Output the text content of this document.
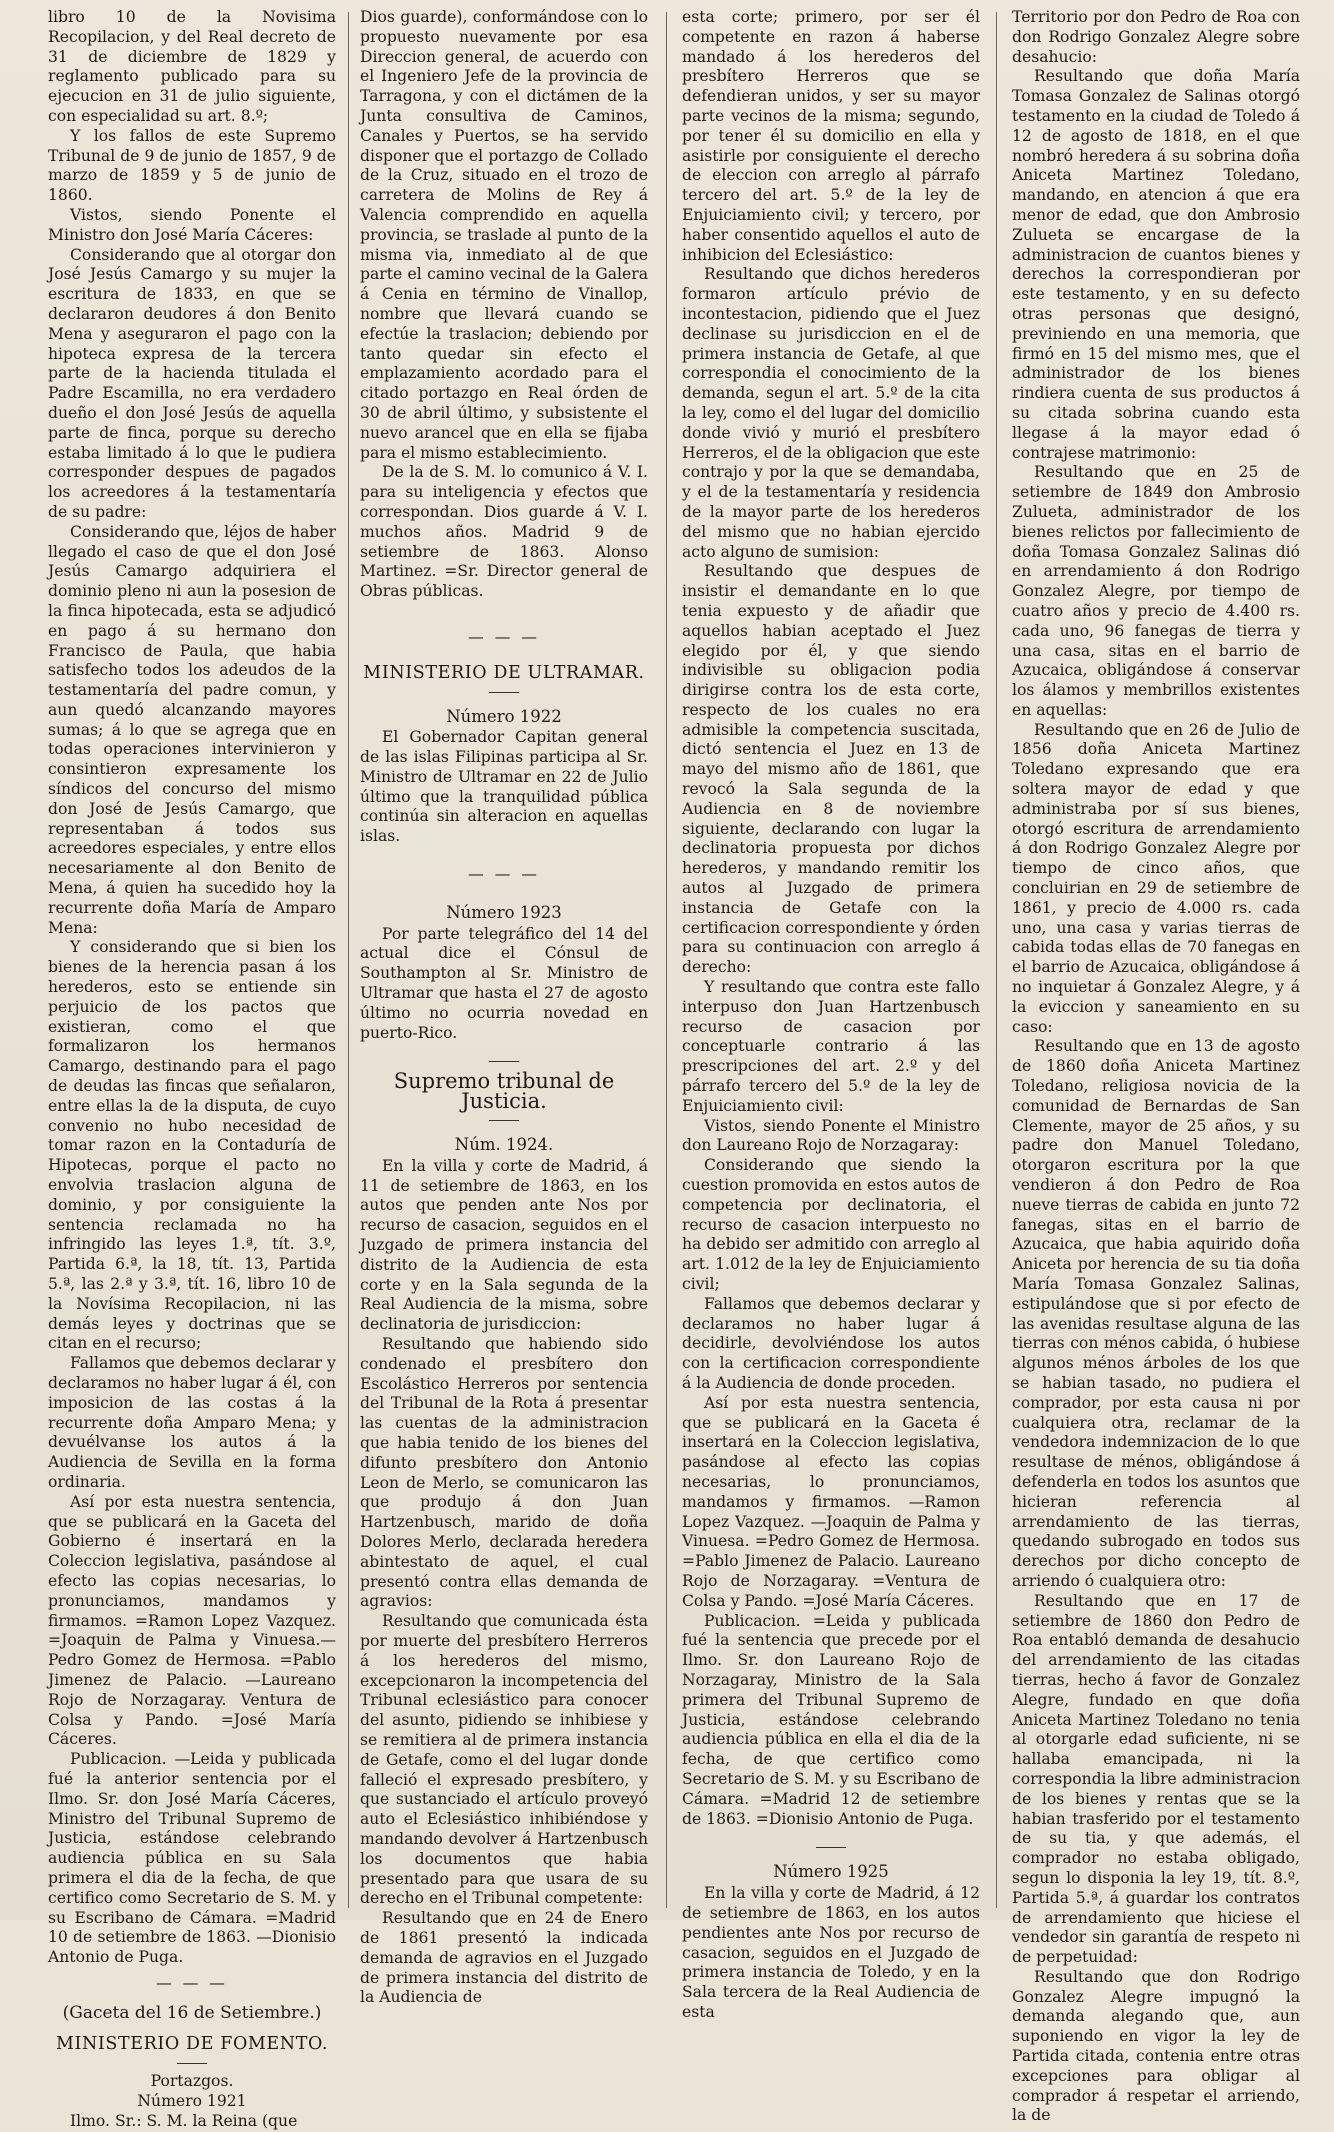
libro 10 de la Novisima Recopilacion, y del Real decreto de 31 de diciembre de 1829 y reglamento publicado para su ejecucion en 31 de julio siguiente, con especialidad su art. 8.º;

Y los fallos de este Supremo Tribunal de 9 de junio de 1857, 9 de marzo de 1859 y 5 de junio de 1860.

Vistos, siendo Ponente el Ministro don José María Cáceres:

Considerando que al otorgar don José Jesús Camargo y su mujer la escritura de 1833, en que se declararon deudores á don Benito Mena y aseguraron el pago con la hipoteca expresa de la tercera parte de la hacienda titulada el Padre Escamilla, no era verdadero dueño el don José Jesús de aquella parte de finca, porque su derecho estaba limitado á lo que le pudiera corresponder despues de pagados los acreedores á la testamentaría de su padre:

Considerando que, léjos de haber llegado el caso de que el don José Jesús Camargo adquiriera el dominio pleno ni aun la posesion de la finca hipotecada, esta se adjudicó en pago á su hermano don Francisco de Paula, que habia satisfecho todos los adeudos de la testamentaría del padre comun, y aun quedó alcanzando mayores sumas; á lo que se agrega que en todas operaciones intervinieron y consintieron expresamente los síndicos del concurso del mismo don José de Jesús Camargo, que representaban á todos sus acreedores especiales, y entre ellos necesariamente al don Benito de Mena, á quien ha sucedido hoy la recurrente doña María de Amparo Mena:

Y considerando que si bien los bienes de la herencia pasan á los herederos, esto se entiende sin perjuicio de los pactos que existieran, como el que formalizaron los hermanos Camargo, destinando para el pago de deudas las fincas que señalaron, entre ellas la de la disputa, de cuyo convenio no hubo necesidad de tomar razon en la Contaduría de Hipotecas, porque el pacto no envolvia traslacion alguna de dominio, y por consiguiente la sentencia reclamada no ha infringido las leyes 1.ª, tít. 3.º, Partida 6.ª, la 18, tít. 13, Partida 5.ª, las 2.ª y 3.ª, tít. 16, libro 10 de la Novísima Recopilacion, ni las demás leyes y doctrinas que se citan en el recurso;

Fallamos que debemos declarar y declaramos no haber lugar á él, con imposicion de las costas á la recurrente doña Amparo Mena; y devuélvanse los autos á la Audiencia de Sevilla en la forma ordinaria.

Así por esta nuestra sentencia, que se publicará en la Gaceta del Gobierno é insertará en la Coleccion legislativa, pasándose al efecto las copias necesarias, lo pronunciamos, mandamos y firmamos. =Ramon Lopez Vazquez. =Joaquin de Palma y Vinuesa.—Pedro Gomez de Hermosa. =Pablo Jimenez de Palacio. —Laureano Rojo de Norzagaray. Ventura de Colsa y Pando. =José María Cáceres.

Publicacion. —Leida y publicada fué la anterior sentencia por el Ilmo. Sr. don José María Cáceres, Ministro del Tribunal Supremo de Justicia, estándose celebrando audiencia pública en su Sala primera el dia de la fecha, de que certifico como Secretario de S. M. y su Escribano de Cámara. =Madrid 10 de setiembre de 1863. —Dionisio Antonio de Puga.

— — —

(Gaceta del 16 de Setiembre.)

MINISTERIO DE FOMENTO.

Portazgos.

Número 1921

Ilmo. Sr.: S. M. la Reina (que

Dios guarde), conformándose con lo propuesto nuevamente por esa Direccion general, de acuerdo con el Ingeniero Jefe de la provincia de Tarragona, y con el dictámen de la Junta consultiva de Caminos, Canales y Puertos, se ha servido disponer que el portazgo de Collado de la Cruz, situado en el trozo de carretera de Molins de Rey á Valencia comprendido en aquella provincia, se traslade al punto de la misma via, inmediato al de que parte el camino vecinal de la Galera á Cenia en término de Vinallop, nombre que llevará cuando se efectúe la traslacion; debiendo por tanto quedar sin efecto el emplazamiento acordado para el citado portazgo en Real órden de 30 de abril último, y subsistente el nuevo arancel que en ella se fijaba para el mismo establecimiento.

De la de S. M. lo comunico á V. I. para su inteligencia y efectos que correspondan. Dios guarde á V. I. muchos años. Madrid 9 de setiembre de 1863. Alonso Martinez. =Sr. Director general de Obras públicas.

— — —

MINISTERIO DE ULTRAMAR.

Número 1922

El Gobernador Capitan general de las islas Filipinas participa al Sr. Ministro de Ultramar en 22 de Julio último que la tranquilidad pública continúa sin alteracion en aquellas islas.

— — —

Número 1923

Por parte telegráfico del 14 del actual dice el Cónsul de Southampton al Sr. Ministro de Ultramar que hasta el 27 de agosto último no ocurria novedad en puerto-Rico.

Supremo tribunal de Justicia.

Núm. 1924.

En la villa y corte de Madrid, á 11 de setiembre de 1863, en los autos que penden ante Nos por recurso de casacion, seguidos en el Juzgado de primera instancia del distrito de la Audiencia de esta corte y en la Sala segunda de la Real Audiencia de la misma, sobre declinatoria de jurisdiccion:

Resultando que habiendo sido condenado el presbítero don Escolástico Herreros por sentencia del Tribunal de la Rota á presentar las cuentas de la administracion que habia tenido de los bienes del difunto presbítero don Antonio Leon de Merlo, se comunicaron las que produjo á don Juan Hartzenbusch, marido de doña Dolores Merlo, declarada heredera abintestato de aquel, el cual presentó contra ellas demanda de agravios:

Resultando que comunicada ésta por muerte del presbítero Herreros á los herederos del mismo, excepcionaron la incompetencia del Tribunal eclesiástico para conocer del asunto, pidiendo se inhibiese y se remitiera al de primera instancia de Getafe, como el del lugar donde falleció el expresado presbítero, y que sustanciado el artículo proveyó auto el Eclesiástico inhibiéndose y mandando devolver á Hartzenbusch los documentos que habia presentado para que usara de su derecho en el Tribunal competente:

Resultando que en 24 de Enero de 1861 presentó la indicada demanda de agravios en el Juzgado de primera instancia del distrito de la Audiencia de

esta corte; primero, por ser él competente en razon á haberse mandado á los herederos del presbítero Herreros que se defendieran unidos, y ser su mayor parte vecinos de la misma; segundo, por tener él su domicilio en ella y asistirle por consiguiente el derecho de eleccion con arreglo al párrafo tercero del art. 5.º de la ley de Enjuiciamiento civil; y tercero, por haber consentido aquellos el auto de inhibicion del Eclesiástico:

Resultando que dichos herederos formaron artículo prévio de incontestacion, pidiendo que el Juez declinase su jurisdiccion en el de primera instancia de Getafe, al que correspondia el conocimiento de la demanda, segun el art. 5.º de la cita la ley, como el del lugar del domicilio donde vivió y murió el presbítero Herreros, el de la obligacion que este contrajo y por la que se demandaba, y el de la testamentaría y residencia de la mayor parte de los herederos del mismo que no habian ejercido acto alguno de sumision:

Resultando que despues de insistir el demandante en lo que tenia expuesto y de añadir que aquellos habian aceptado el Juez elegido por él, y que siendo indivisible su obligacion podia dirigirse contra los de esta corte, respecto de los cuales no era admisible la competencia suscitada, dictó sentencia el Juez en 13 de mayo del mismo año de 1861, que revocó la Sala segunda de la Audiencia en 8 de noviembre siguiente, declarando con lugar la declinatoria propuesta por dichos herederos, y mandando remitir los autos al Juzgado de primera instancia de Getafe con la certificacion correspondiente y órden para su continuacion con arreglo á derecho:

Y resultando que contra este fallo interpuso don Juan Hartzenbusch recurso de casacion por conceptuarle contrario á las prescripciones del art. 2.º y del párrafo tercero del 5.º de la ley de Enjuiciamiento civil:

Vistos, siendo Ponente el Ministro don Laureano Rojo de Norzagaray:

Considerando que siendo la cuestion promovida en estos autos de competencia por declinatoria, el recurso de casacion interpuesto no ha debido ser admitido con arreglo al art. 1.012 de la ley de Enjuiciamiento civil;

Fallamos que debemos declarar y declaramos no haber lugar á decidirle, devolviéndose los autos con la certificacion correspondiente á la Audiencia de donde proceden.

Así por esta nuestra sentencia, que se publicará en la Gaceta é insertará en la Coleccion legislativa, pasándose al efecto las copias necesarias, lo pronunciamos, mandamos y firmamos. —Ramon Lopez Vazquez. —Joaquin de Palma y Vinuesa. =Pedro Gomez de Hermosa. =Pablo Jimenez de Palacio. Laureano Rojo de Norzagaray. =Ventura de Colsa y Pando. =José María Cáceres.

Publicacion. =Leida y publicada fué la sentencia que precede por el Ilmo. Sr. don Laureano Rojo de Norzagaray, Ministro de la Sala primera del Tribunal Supremo de Justicia, estándose celebrando audiencia pública en ella el dia de la fecha, de que certifico como Secretario de S. M. y su Escribano de Cámara. =Madrid 12 de setiembre de 1863. =Dionisio Antonio de Puga.

Número 1925

En la villa y corte de Madrid, á 12 de setiembre de 1863, en los autos pendientes ante Nos por recurso de casacion, seguidos en el Juzgado de primera instancia de Toledo, y en la Sala tercera de la Real Audiencia de esta

Territorio por don Pedro de Roa con don Rodrigo Gonzalez Alegre sobre desahucio:

Resultando que doña María Tomasa Gonzalez de Salinas otorgó testamento en la ciudad de Toledo á 12 de agosto de 1818, en el que nombró heredera á su sobrina doña Aniceta Martinez Toledano, mandando, en atencion á que era menor de edad, que don Ambrosio Zulueta se encargase de la administracion de cuantos bienes y derechos la correspondieran por este testamento, y en su defecto otras personas que designó, previniendo en una memoria, que firmó en 15 del mismo mes, que el administrador de los bienes rindiera cuenta de sus productos á su citada sobrina cuando esta llegase á la mayor edad ó contrajese matrimonio:

Resultando que en 25 de setiembre de 1849 don Ambrosio Zulueta, administrador de los bienes relictos por fallecimiento de doña Tomasa Gonzalez Salinas dió en arrendamiento á don Rodrigo Gonzalez Alegre, por tiempo de cuatro años y precio de 4.400 rs. cada uno, 96 fanegas de tierra y una casa, sitas en el barrio de Azucaica, obligándose á conservar los álamos y membrillos existentes en aquellas:

Resultando que en 26 de Julio de 1856 doña Aniceta Martinez Toledano expresando que era soltera mayor de edad y que administraba por sí sus bienes, otorgó escritura de arrendamiento á don Rodrigo Gonzalez Alegre por tiempo de cinco años, que concluirian en 29 de setiembre de 1861, y precio de 4.000 rs. cada uno, una casa y varias tierras de cabida todas ellas de 70 fanegas en el barrio de Azucaica, obligándose á no inquietar á Gonzalez Alegre, y á la eviccion y saneamiento en su caso:

Resultando que en 13 de agosto de 1860 doña Aniceta Martinez Toledano, religiosa novicia de la comunidad de Bernardas de San Clemente, mayor de 25 años, y su padre don Manuel Toledano, otorgaron escritura por la que vendieron á don Pedro de Roa nueve tierras de cabida en junto 72 fanegas, sitas en el barrio de Azucaica, que habia aquirido doña Aniceta por herencia de su tia doña María Tomasa Gonzalez Salinas, estipulándose que si por efecto de las avenidas resultase alguna de las tierras con ménos cabida, ó hubiese algunos ménos árboles de los que se habian tasado, no pudiera el comprador, por esta causa ni por cualquiera otra, reclamar de la vendedora indemnizacion de lo que resultase de ménos, obligándose á defenderla en todos los asuntos que hicieran referencia al arrendamiento de las tierras, quedando subrogado en todos sus derechos por dicho concepto de arriendo ó cualquiera otro:

Resultando que en 17 de setiembre de 1860 don Pedro de Roa entabló demanda de desahucio del arrendamiento de las citadas tierras, hecho á favor de Gonzalez Alegre, fundado en que doña Aniceta Martinez Toledano no tenia al otorgarle edad suficiente, ni se hallaba emancipada, ni la correspondia la libre administracion de los bienes y rentas que se la habian trasferido por el testamento de su tia, y que además, el comprador no estaba obligado, segun lo disponia la ley 19, tít. 8.º, Partida 5.ª, á guardar los contratos de arrendamiento que hiciese el vendedor sin garantía de respeto ni de perpetuidad:

Resultando que don Rodrigo Gonzalez Alegre impugnó la demanda alegando que, aun suponiendo en vigor la ley de Partida citada, contenia entre otras excepciones para obligar al comprador á respetar el arriendo, la de
